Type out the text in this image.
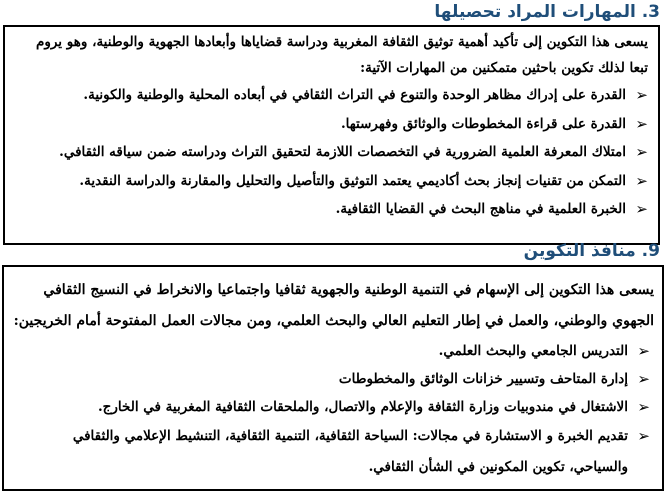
3. المهارات المراد تحصيلها
يسعى هذا التكوين إلى تأكيد أهمية توثيق الثقافة المغربية ودراسة قضاياها وأبعادها الجهوية والوطنية، وهو يروم تبعا لذلك تكوين باحثين متمكنين من المهارات الآتية:
➢
القدرة على إدراك مظاهر الوحدة والتنوع في التراث الثقافي في أبعاده المحلية والوطنية والكونية.
➢
القدرة على قراءة المخطوطات والوثائق وفهرستها.
➢
امتلاك المعرفة العلمية الضرورية في التخصصات اللازمة لتحقيق التراث ودراسته ضمن سياقه الثقافي.
➢
التمكن من تقنيات إنجاز بحث أكاديمي يعتمد التوثيق والتأصيل والتحليل والمقارنة والدراسة النقدية.
➢
الخبرة العلمية في مناهج البحث في القضايا الثقافية.
9. منافذ التكوين
يسعى هذا التكوين إلى الإسهام في التنمية الوطنية والجهوية ثقافيا واجتماعيا والانخراط في النسيج الثقافي الجهوي والوطني، والعمل في إطار التعليم العالي والبحث العلمي، ومن مجالات العمل المفتوحة أمام الخريجين:
➢
التدريس الجامعي والبحث العلمي.
➢
إدارة المتاحف وتسيير خزانات الوثائق والمخطوطات
➢
الاشتغال في مندوبيات وزارة الثقافة والإعلام والاتصال، والملحقات الثقافية المغربية في الخارج.
➢
تقديم الخبرة و الاستشارة في مجالات: السياحة الثقافية، التنمية الثقافية، التنشيط الإعلامي والثقافي والسياحي، تكوين المكونين في الشأن الثقافي.
